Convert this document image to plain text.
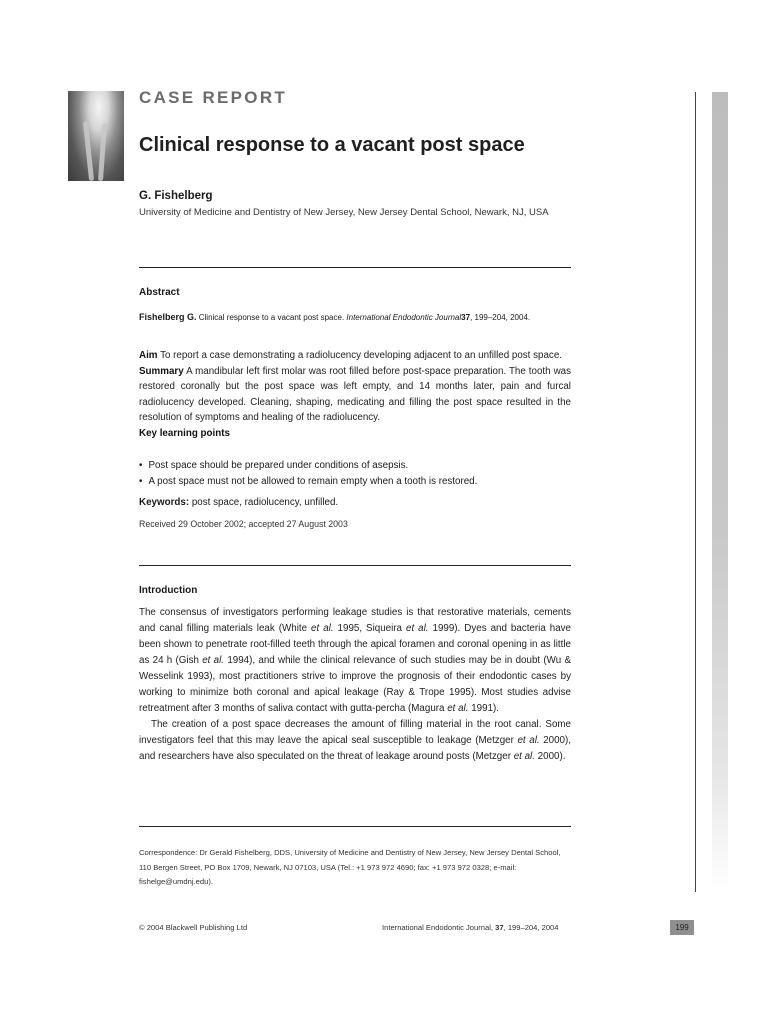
CASE REPORT
Clinical response to a vacant post space
G. Fishelberg
University of Medicine and Dentistry of New Jersey, New Jersey Dental School, Newark, NJ, USA
Abstract
Fishelberg G. Clinical response to a vacant post space. International Endodontic Journal37, 199–204, 2004.
Aim To report a case demonstrating a radiolucency developing adjacent to an unfilled post space.
Summary A mandibular left first molar was root filled before post-space preparation. The tooth was restored coronally but the post space was left empty, and 14 months later, pain and furcal radiolucency developed. Cleaning, shaping, medicating and filling the post space resulted in the resolution of symptoms and healing of the radiolucency.
Key learning points
• Post space should be prepared under conditions of asepsis.
• A post space must not be allowed to remain empty when a tooth is restored.
Keywords: post space, radiolucency, unfilled.
Received 29 October 2002; accepted 27 August 2003
Introduction

The consensus of investigators performing leakage studies is that restorative materials, cements and canal filling materials leak (White et al. 1995, Siqueira et al. 1999). Dyes and bacteria have been shown to penetrate root-filled teeth through the apical foramen and coronal opening in as little as 24 h (Gish et al. 1994), and while the clinical relevance of such studies may be in doubt (Wu & Wesselink 1993), most practitioners strive to improve the prognosis of their endodontic cases by working to minimize both coronal and apical leakage (Ray & Trope 1995). Most studies advise retreatment after 3 months of saliva contact with gutta-percha (Magura et al. 1991).

The creation of a post space decreases the amount of filling material in the root canal. Some investigators feel that this may leave the apical seal susceptible to leakage (Metzger et al. 2000), and researchers have also speculated on the threat of leakage around posts (Metzger et al. 2000).

Correspondence: Dr Gerald Fishelberg, DDS, University of Medicine and Dentistry of New Jersey, New Jersey Dental School, 110 Bergen Street, PO Box 1709, Newark, NJ 07103, USA (Tel.: +1 973 972 4690; fax: +1 973 972 0328; e-mail: fishelge@umdnj.edu).
© 2004 Blackwell Publishing Ltd	International Endodontic Journal, 37, 199–204, 2004	199
